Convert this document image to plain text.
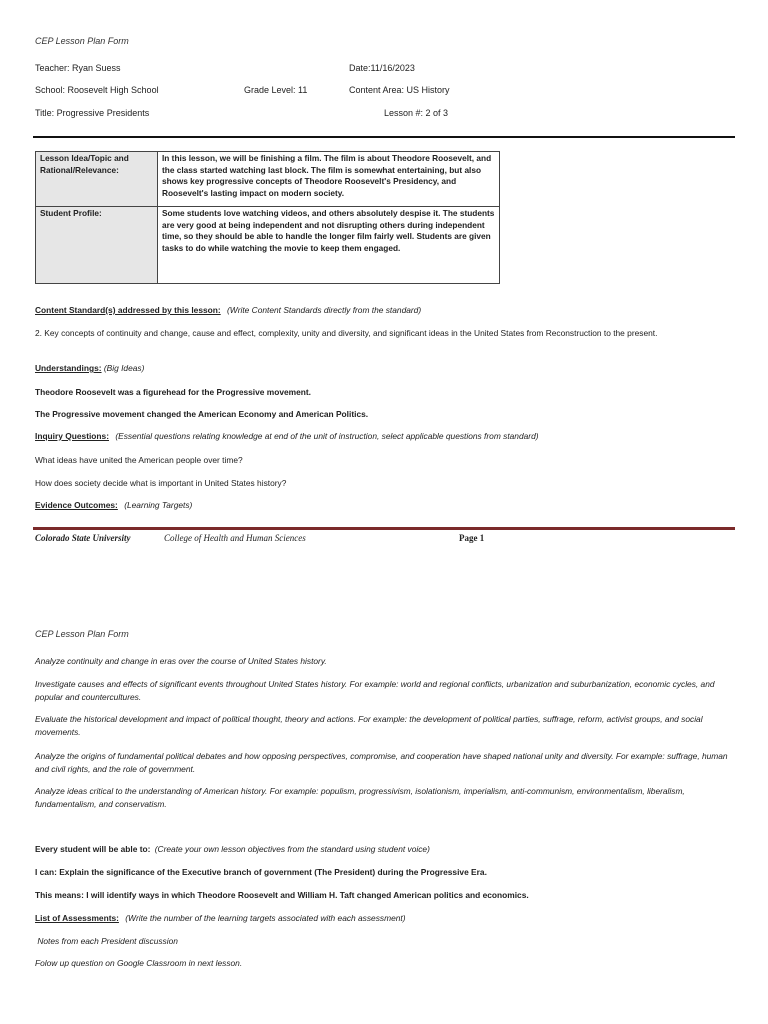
CEP Lesson Plan Form
Teacher: Ryan Suess	Date:11/16/2023
School: Roosevelt High School	Grade Level: 11	Content Area: US History
Title: Progressive Presidents	Lesson #: 2 of 3
Lesson Idea/Topic and Rational/Relevance:	In this lesson, we will be finishing a film. The film is about Theodore Roosevelt, and the class started watching last block. The film is somewhat entertaining, but also shows key progressive concepts of Theodore Roosevelt's Presidency, and Roosevelt's lasting impact on modern society.
Student Profile:	Some students love watching videos, and others absolutely despise it. The students are very good at being independent and not disrupting others during independent time, so they should be able to handle the longer film fairly well. Students are given tasks to do while watching the movie to keep them engaged.
Content Standard(s) addressed by this lesson: (Write Content Standards directly from the standard)
2. Key concepts of continuity and change, cause and effect, complexity, unity and diversity, and significant ideas in the United States from Reconstruction to the present.
Understandings: (Big Ideas)
Theodore Roosevelt was a figurehead for the Progressive movement.
The Progressive movement changed the American Economy and American Politics.
Inquiry Questions: (Essential questions relating knowledge at end of the unit of instruction, select applicable questions from standard)
What ideas have united the American people over time?
How does society decide what is important in United States history?
Evidence Outcomes: (Learning Targets)
Colorado State University	College of Health and Human Sciences	Page 1
CEP Lesson Plan Form
Analyze continuity and change in eras over the course of United States history.
Investigate causes and effects of significant events throughout United States history. For example: world and regional conflicts, urbanization and suburbanization, economic cycles, and popular and countercultures.
Evaluate the historical development and impact of political thought, theory and actions. For example: the development of political parties, suffrage, reform, activist groups, and social movements.
Analyze the origins of fundamental political debates and how opposing perspectives, compromise, and cooperation have shaped national unity and diversity. For example: suffrage, human and civil rights, and the role of government.
Analyze ideas critical to the understanding of American history. For example: populism, progressivism, isolationism, imperialism, anti-communism, environmentalism, liberalism, fundamentalism, and conservatism.
Every student will be able to: (Create your own lesson objectives from the standard using student voice)
I can: Explain the significance of the Executive branch of government (The President) during the Progressive Era.
This means: I will identify ways in which Theodore Roosevelt and William H. Taft changed American politics and economics.
List of Assessments: (Write the number of the learning targets associated with each assessment)
Notes from each President discussion
Folow up question on Google Classroom in next lesson.
